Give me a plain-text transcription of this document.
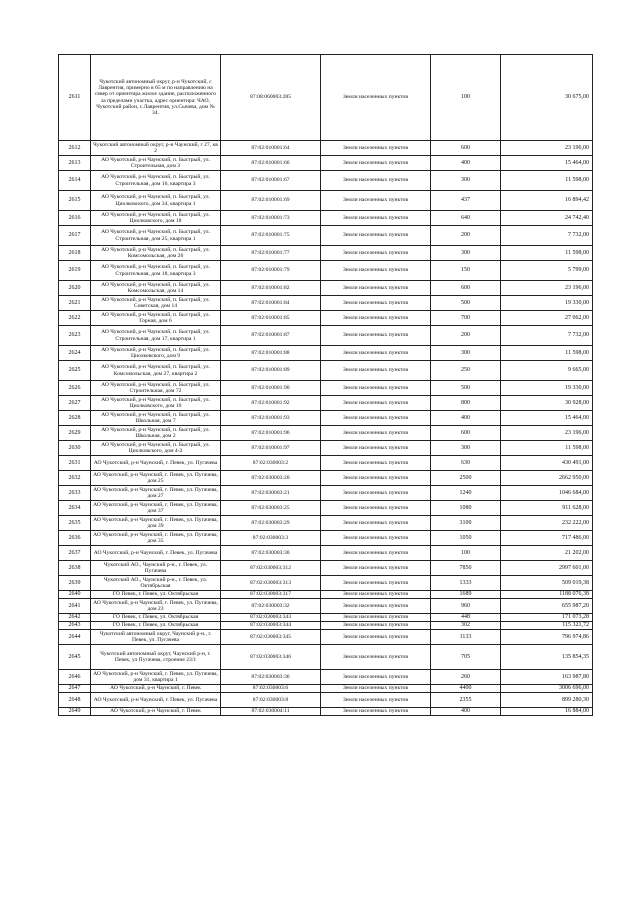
2611	Чукотский автономный округ, р-н Чукотский, с Лаврентия, примерно в 65 м по направлению на север от ориентира жилое здание, расположенного за пределами участка, адрес ориентира: ЧАО, Чукотский район, с.Лаврентия, ул.Сычева, дом № 34.	87:08:060003:285	Земли населенных пунктов	100	30 675,00
2612	Чукотский автономный округ, р-н Чаунский, г 27, кв 2	87:02:010001:64	Земли населенных пунктов	600	23 196,00
2613	АО Чукотский, р-н Чаунский, п. Быстрый, ул. Строительная, дом 3	87:02:010001:66	Земли населенных пунктов	400	15 464,00
2614	АО Чукотский, р-н Чаунский, п. Быстрый, ул. Строительная, дом 16, квартира 3	87:02:010001:67	Земли населенных пунктов	300	11 598,00
2615	АО Чукотский, р-н Чаунский, п. Быстрый, ул. Циолковского, дом 34, квартира 1	87:02:010001:69	Земли населенных пунктов	437	16 894,42
2616	АО Чукотский, р-н Чаунский, п. Быстрый, ул. Циолковского, дом 18	87:02:010001:73	Земли населенных пунктов	640	24 742,40
2617	АО Чукотский, р-н Чаунский, п. Быстрый, ул. Строительная, дом 25, квартира 1	87:02:010001:75	Земли населенных пунктов	200	7 732,00
2618	АО Чукотский, р-н Чаунский, п. Быстрый, ул. Комсомольская, дом 26	87:02:010001:77	Земли населенных пунктов	300	11 598,00
2619	АО Чукотский, р-н Чаунский, п. Быстрый, ул. Строительная, дом 18, квартира 3	87:02:010001:79	Земли населенных пунктов	150	5 799,00
2620	АО Чукотский, р-н Чаунский, п. Быстрый, ул. Комсомольская, дом 14	87:02:010001:82	Земли населенных пунктов	600	23 196,00
2621	АО Чукотский, р-н Чаунский, п. Быстрый, ул. Советская, дом 14	87:02:010001:84	Земли населенных пунктов	500	19 330,00
2622	АО Чукотский, р-н Чаунский, п. Быстрый, ул. Горная, дом 6	87:02:010001:85	Земли населенных пунктов	700	27 062,00
2623	АО Чукотский, р-н Чаунский, п. Быстрый, ул. Строительная, дом 17, квартира 1	87:02:010001:87	Земли населенных пунктов	200	7 732,00
2624	АО Чукотский, р-н Чаунский, п. Быстрый, ул. Циолковского, дом 9	87:02:010001:88	Земли населенных пунктов	300	11 598,00
2625	АО Чукотский, р-н Чаунский, п. Быстрый, ул. Комсомольская, дом 27, квартира 2	87:02:010001:89	Земли населенных пунктов	250	9 665,00
2626	АО Чукотский, р-н Чаунский, п. Быстрый, ул. Строительная, дом 72	87:02:010001:90	Земли населенных пунктов	500	19 330,00
2627	АО Чукотский, р-н Чаунский, п. Быстрый, ул. Циолковского, дом 10	87:02:010001:92	Земли населенных пунктов	800	30 928,00
2628	АО Чукотский, р-н Чаунский, п. Быстрый, ул. Школьная, дом 7	87:02:010001:93	Земли населенных пунктов	400	15 464,00
2629	АО Чукотский, р-н Чаунский, п. Быстрый, ул. Школьная, дом 2	87:02:010001:96	Земли населенных пунктов	600	23 196,00
2630	АО Чукотский, р-н Чаунский, п. Быстрый, ул. Циолковского, дом 4-2	87:02:010001:97	Земли населенных пунктов	300	11 598,00
2631	АО Чукотский, р-н Чаунский, г. Певек, ул. Пугачева	87:02:030003:2	Земли населенных пунктов	630	430 491,00
2632	АО Чукотский, р-н Чаунский, г. Певек, ул. Пугачева, дом 25	87:02:030003:20	Земли населенных пунктов	2500	2662 950,00
2633	АО Чукотский, р-н Чаунский, г. Певек, ул. Пугачева, дом 27	87:02:030003:21	Земли населенных пунктов	1240	1046 684,00
2634	АО Чукотский, р-н Чаунский, г. Певек, ул. Пугачева, дом 37	87:02:030003:25	Земли населенных пунктов	1080	911 628,00
2635	АО Чукотский, р-н Чаунский, г. Певек, ул. Пугачева, дом 39	87:02:030003:29	Земли населенных пунктов	3100	232 222,00
2636	АО Чукотский, р-н Чаунский, г. Певек, ул. Пугачева, дом 35	87:02:030003:3	Земли населенных пунктов	1050	717 486,00
2637	АО Чукотский, р-н Чаунский, г. Певек, ул. Пугачева	87:02:030003:30	Земли населенных пунктов	100	21 202,00
2638	Чукотский АО., Чаунский р-н., г. Певек, ул. Пугачева	87:02:030003:312	Земли населенных пунктов	7850	2997 601,00
2639	Чукотский АО., Чаунский р-н., г. Певек, ул. Октябрьская	87:02:030003:313	Земли населенных пунктов	1333	509 019,38
2640	ГО Певек, г. Певек, ул. Октябрьская	87:02:030003:317	Земли населенных пунктов	1689	1188 076,38
2641	АО Чукотский, р-н Чаунский, г. Певек, ул. Пугачева, дом 23	87:02:030003:32	Земли населенных пунктов	960	655 987,20
2642	ГО Певек, г. Певек, ул. Октябрьская	87:02:030003:343	Земли населенных пунктов	448	171 073,28
2643	ГО Певек, г. Певек, ул. Октябрьская	87:02:030003:344	Земли населенных пунктов	302	115 321,72
2644	Чукотский автономный округ, Чаунский р-н., г. Певек, ул. Пугачева	87:02:030003:345	Земли населенных пунктов	1133	796 974,86
2645	Чукотский автономный округ, Чаунский р-н, г. Певек, ул Пугачева, строение 23/1	87:02:030003:346	Земли населенных пунктов	705	135 854,35
2646	АО Чукотский, р-н Чаунский, г. Певек, ул. Пугачева, дом 31, квартира 1	87:02:030003:36	Земли населенных пунктов	260	163 987,80
2647	АО Чукотский, р-н Чаунский, г. Певек	87:02:030003:6	Земли населенных пунктов	4400	3006 696,00
2648	АО Чукотский, р-н Чаунский, г. Певек, ул. Пугачева	87:02:030003:8	Земли населенных пунктов	2355	899 280,30
2649	АО Чукотский, р-н Чаунский, г. Певек	87:02:030004:11	Земли населенных пунктов	400	16 884,00
